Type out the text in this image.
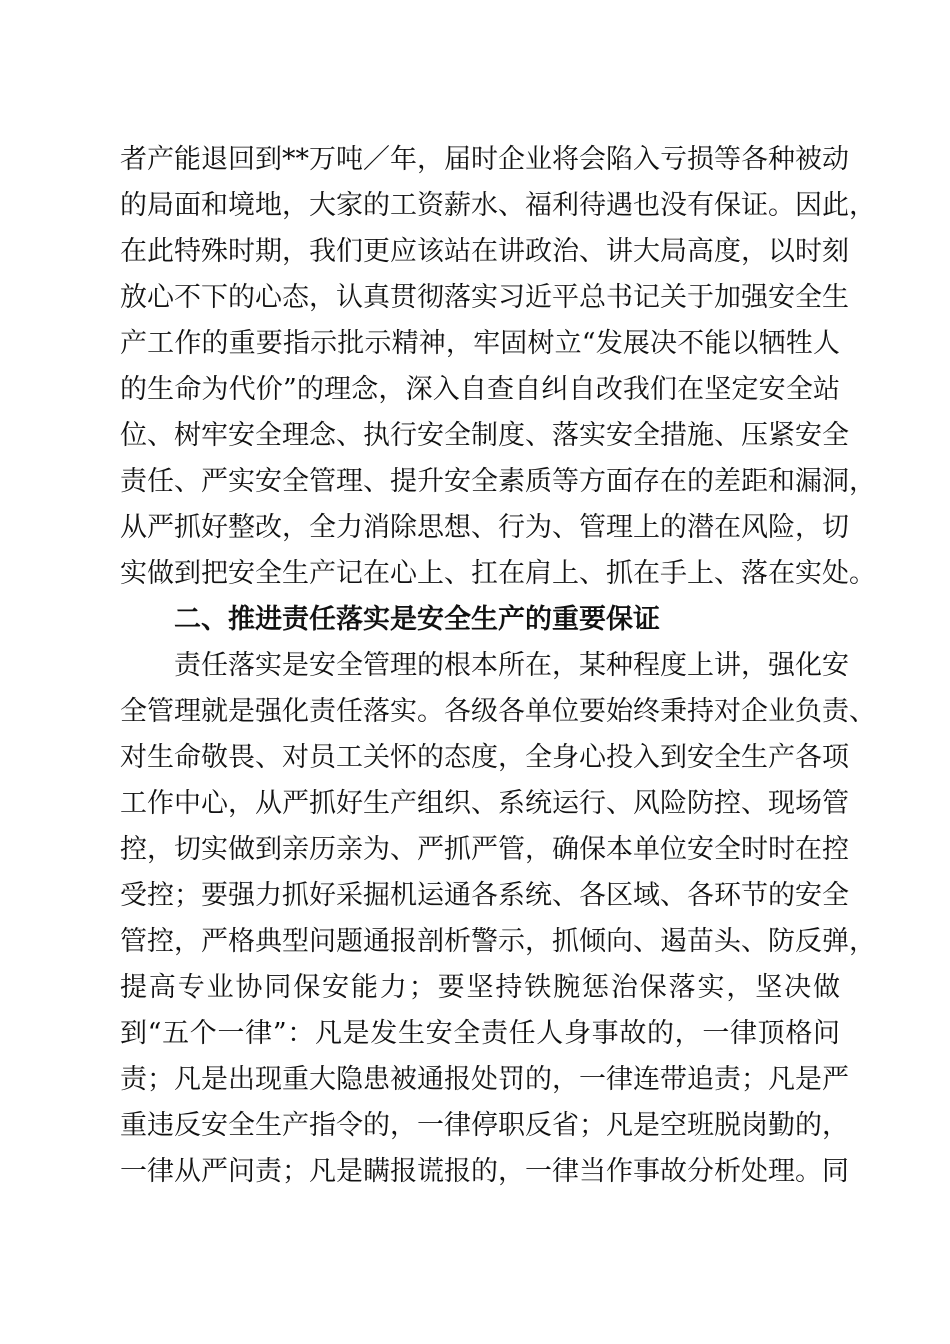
者产能退回到**万吨／年，届时企业将会陷入亏损等各种被动
的局面和境地，大家的工资薪水、福利待遇也没有保证。因此，
在此特殊时期，我们更应该站在讲政治、讲大局高度，以时刻
放心不下的心态，认真贯彻落实习近平总书记关于加强安全生
产工作的重要指示批示精神，牢固树立“发展决不能以牺牲人
的生命为代价”的理念，深入自查自纠自改我们在坚定安全站
位、树牢安全理念、执行安全制度、落实安全措施、压紧安全
责任、严实安全管理、提升安全素质等方面存在的差距和漏洞，
从严抓好整改，全力消除思想、行为、管理上的潜在风险，切
实做到把安全生产记在心上、扛在肩上、抓在手上、落在实处。
二、推进责任落实是安全生产的重要保证
责任落实是安全管理的根本所在，某种程度上讲，强化安
全管理就是强化责任落实。各级各单位要始终秉持对企业负责、
对生命敬畏、对员工关怀的态度，全身心投入到安全生产各项
工作中心，从严抓好生产组织、系统运行、风险防控、现场管
控，切实做到亲历亲为、严抓严管，确保本单位安全时时在控
受控；要强力抓好采掘机运通各系统、各区域、各环节的安全
管控，严格典型问题通报剖析警示，抓倾向、遏苗头、防反弹，
提高专业协同保安能力；要坚持铁腕惩治保落实，坚决做
到“五个一律”：凡是发生安全责任人身事故的，一律顶格问
责；凡是出现重大隐患被通报处罚的，一律连带追责；凡是严
重违反安全生产指令的，一律停职反省；凡是空班脱岗勤的，
一律从严问责；凡是瞒报谎报的，一律当作事故分析处理。同
